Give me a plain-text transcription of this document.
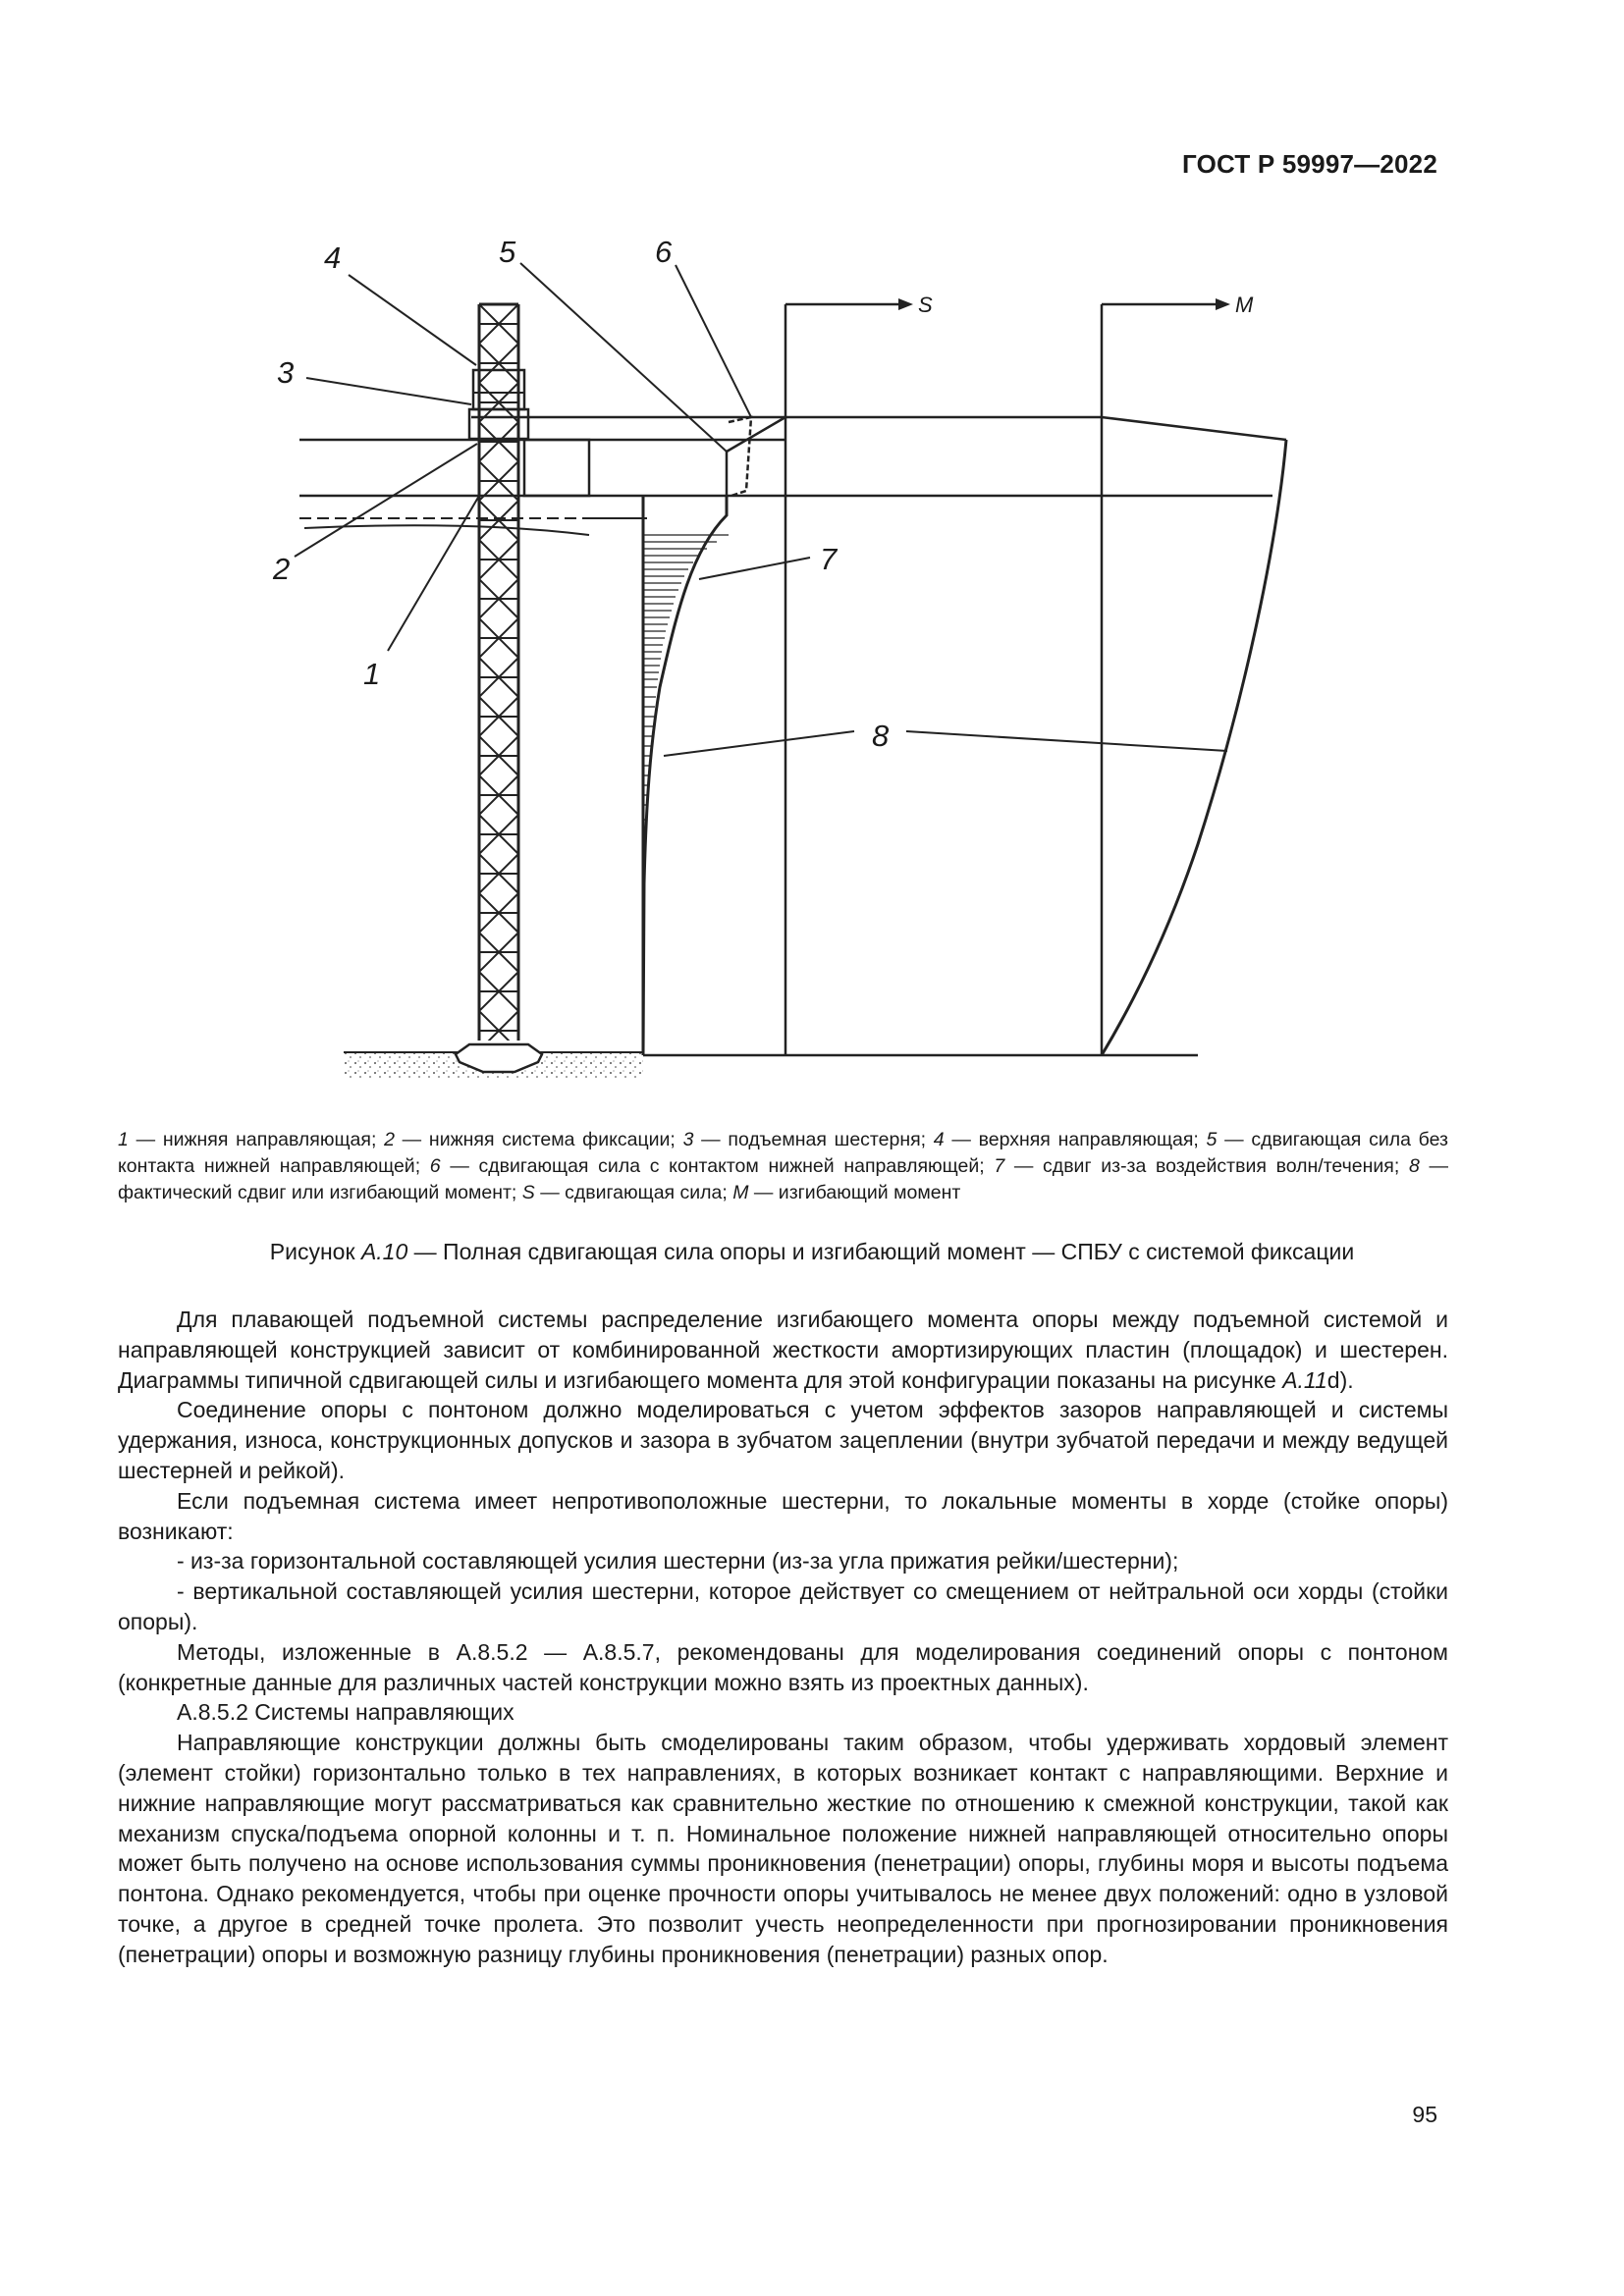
ГОСТ Р 59997—2022
4	5	6
3
2
1
7
8
S	M
1 — нижняя направляющая; 2 — нижняя система фиксации; 3 — подъемная шестерня; 4 — верхняя направляющая; 5 — сдвигающая сила без контакта нижней направляющей; 6 — сдвигающая сила с контактом нижней направляющей; 7 — сдвиг из-за воздействия волн/течения; 8 — фактический сдвиг или изгибающий момент; S — сдвигающая сила; M — изгибающий момент
Рисунок А.10 — Полная сдвигающая сила опоры и изгибающий момент — СПБУ с системой фиксации

Для плавающей подъемной системы распределение изгибающего момента опоры между подъемной системой и направляющей конструкцией зависит от комбинированной жесткости амортизирующих пластин (площадок) и шестерен. Диаграммы типичной сдвигающей силы и изгибающего момента для этой конфигурации показаны на рисунке А.11d).

Соединение опоры с понтоном должно моделироваться с учетом эффектов зазоров направляющей и системы удержания, износа, конструкционных допусков и зазора в зубчатом зацеплении (внутри зубчатой передачи и между ведущей шестерней и рейкой).

Если подъемная система имеет непротивоположные шестерни, то локальные моменты в хорде (стойке опоры) возникают:

- из-за горизонтальной составляющей усилия шестерни (из-за угла прижатия рейки/шестерни);

- вертикальной составляющей усилия шестерни, которое действует со смещением от нейтральной оси хорды (стойки опоры).

Методы, изложенные в А.8.5.2 — А.8.5.7, рекомендованы для моделирования соединений опоры с понтоном (конкретные данные для различных частей конструкции можно взять из проектных данных).

А.8.5.2 Системы направляющих

Направляющие конструкции должны быть смоделированы таким образом, чтобы удерживать хордовый элемент (элемент стойки) горизонтально только в тех направлениях, в которых возникает контакт с направляющими. Верхние и нижние направляющие могут рассматриваться как сравнительно жесткие по отношению к смежной конструкции, такой как механизм спуска/подъема опорной колонны и т. п. Номинальное положение нижней направляющей относительно опоры может быть получено на основе использования суммы проникновения (пенетрации) опоры, глубины моря и высоты подъема понтона. Однако рекомендуется, чтобы при оценке прочности опоры учитывалось не менее двух положений: одно в узловой точке, а другое в средней точке пролета. Это позволит учесть неопределенности при прогнозировании проникновения (пенетрации) опоры и возможную разницу глубины проникновения (пенетрации) разных опор.

95
